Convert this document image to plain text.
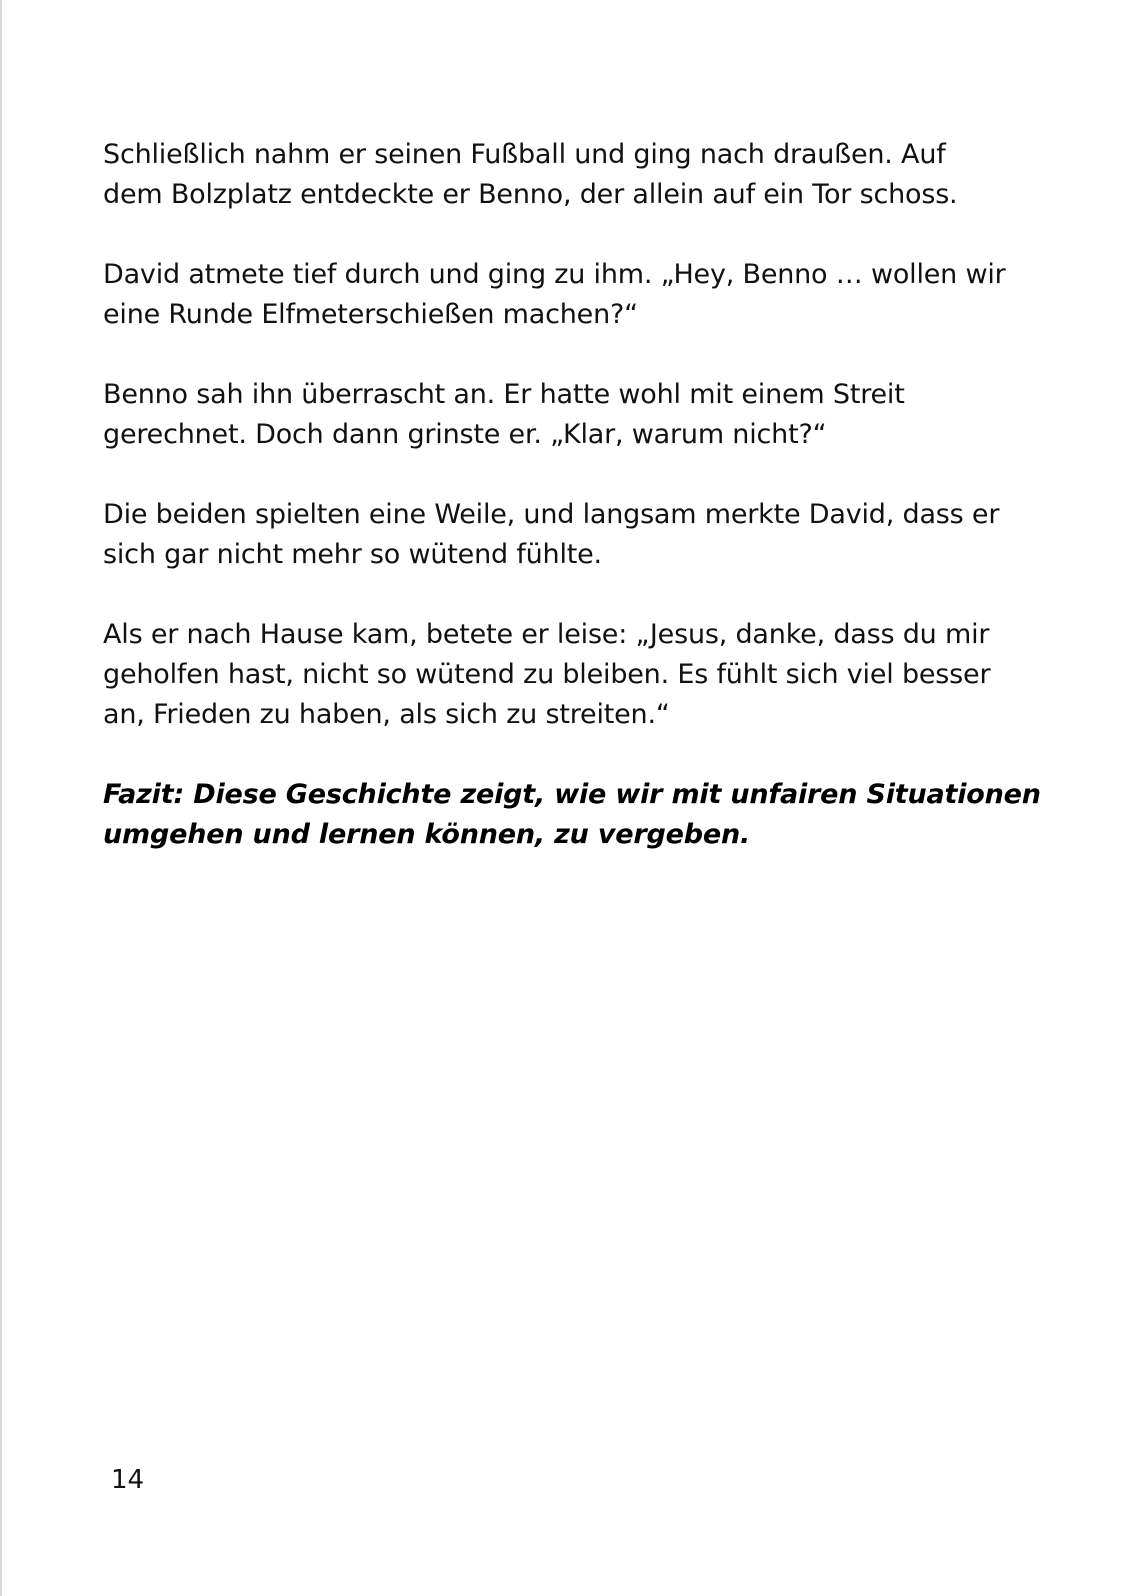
Schließlich nahm er seinen Fußball und ging nach draußen. Auf
dem Bolzplatz entdeckte er Benno, der allein auf ein Tor schoss.

David atmete tief durch und ging zu ihm. „Hey, Benno … wollen wir
eine Runde Elfmeterschießen machen?“

Benno sah ihn überrascht an. Er hatte wohl mit einem Streit
gerechnet. Doch dann grinste er. „Klar, warum nicht?“

Die beiden spielten eine Weile, und langsam merkte David, dass er
sich gar nicht mehr so wütend fühlte.

Als er nach Hause kam, betete er leise: „Jesus, danke, dass du mir
geholfen hast, nicht so wütend zu bleiben. Es fühlt sich viel besser
an, Frieden zu haben, als sich zu streiten.“

Fazit: Diese Geschichte zeigt, wie wir mit unfairen Situationen
umgehen und lernen können, zu vergeben.

14
